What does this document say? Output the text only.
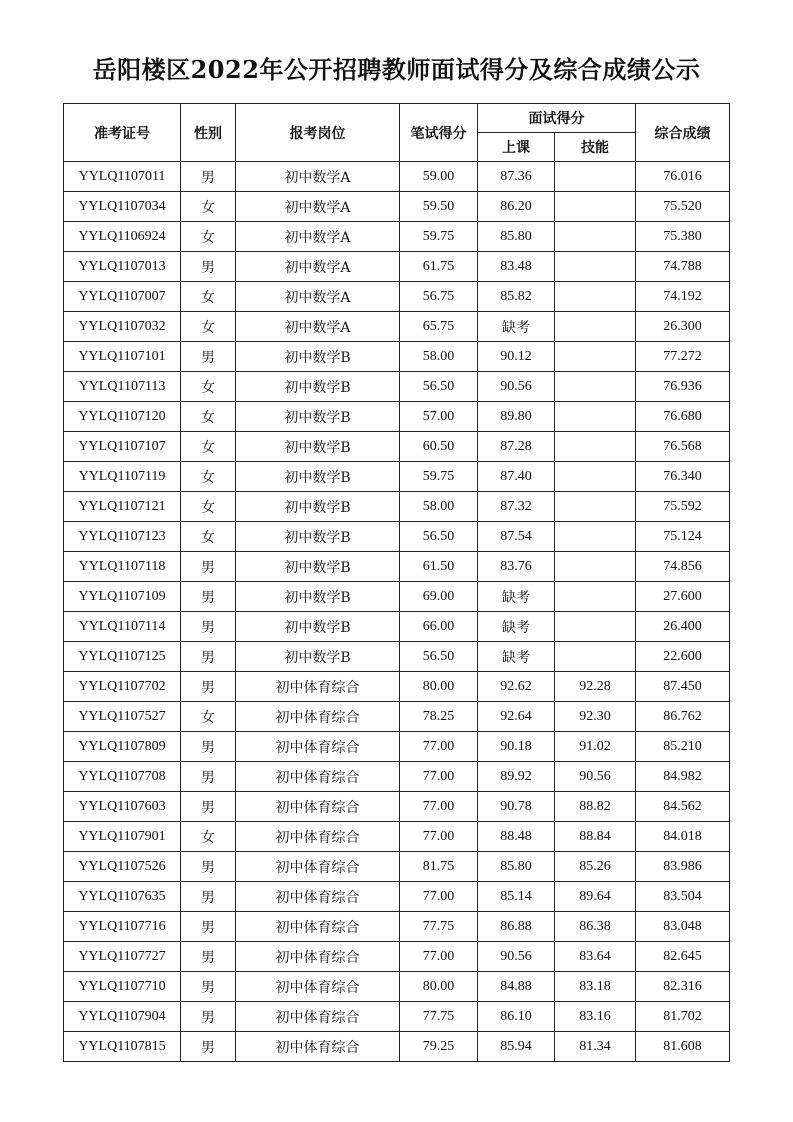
岳阳楼区2022年公开招聘教师面试得分及综合成绩公示
准考证号	性别	报考岗位	笔试得分	面试得分		综合成绩
				上课	技能	
YYLQ1107011	男	初中数学A	59.00	87.36		76.016
YYLQ1107034	女	初中数学A	59.50	86.20		75.520
YYLQ1106924	女	初中数学A	59.75	85.80		75.380
YYLQ1107013	男	初中数学A	61.75	83.48		74.788
YYLQ1107007	女	初中数学A	56.75	85.82		74.192
YYLQ1107032	女	初中数学A	65.75	缺考		26.300
YYLQ1107101	男	初中数学B	58.00	90.12		77.272
YYLQ1107113	女	初中数学B	56.50	90.56		76.936
YYLQ1107120	女	初中数学B	57.00	89.80		76.680
YYLQ1107107	女	初中数学B	60.50	87.28		76.568
YYLQ1107119	女	初中数学B	59.75	87.40		76.340
YYLQ1107121	女	初中数学B	58.00	87.32		75.592
YYLQ1107123	女	初中数学B	56.50	87.54		75.124
YYLQ1107118	男	初中数学B	61.50	83.76		74.856
YYLQ1107109	男	初中数学B	69.00	缺考		27.600
YYLQ1107114	男	初中数学B	66.00	缺考		26.400
YYLQ1107125	男	初中数学B	56.50	缺考		22.600
YYLQ1107702	男	初中体育综合	80.00	92.62	92.28	87.450
YYLQ1107527	女	初中体育综合	78.25	92.64	92.30	86.762
YYLQ1107809	男	初中体育综合	77.00	90.18	91.02	85.210
YYLQ1107708	男	初中体育综合	77.00	89.92	90.56	84.982
YYLQ1107603	男	初中体育综合	77.00	90.78	88.82	84.562
YYLQ1107901	女	初中体育综合	77.00	88.48	88.84	84.018
YYLQ1107526	男	初中体育综合	81.75	85.80	85.26	83.986
YYLQ1107635	男	初中体育综合	77.00	85.14	89.64	83.504
YYLQ1107716	男	初中体育综合	77.75	86.88	86.38	83.048
YYLQ1107727	男	初中体育综合	77.00	90.56	83.64	82.645
YYLQ1107710	男	初中体育综合	80.00	84.88	83.18	82.316
YYLQ1107904	男	初中体育综合	77.75	86.10	83.16	81.702
YYLQ1107815	男	初中体育综合	79.25	85.94	81.34	81.608
